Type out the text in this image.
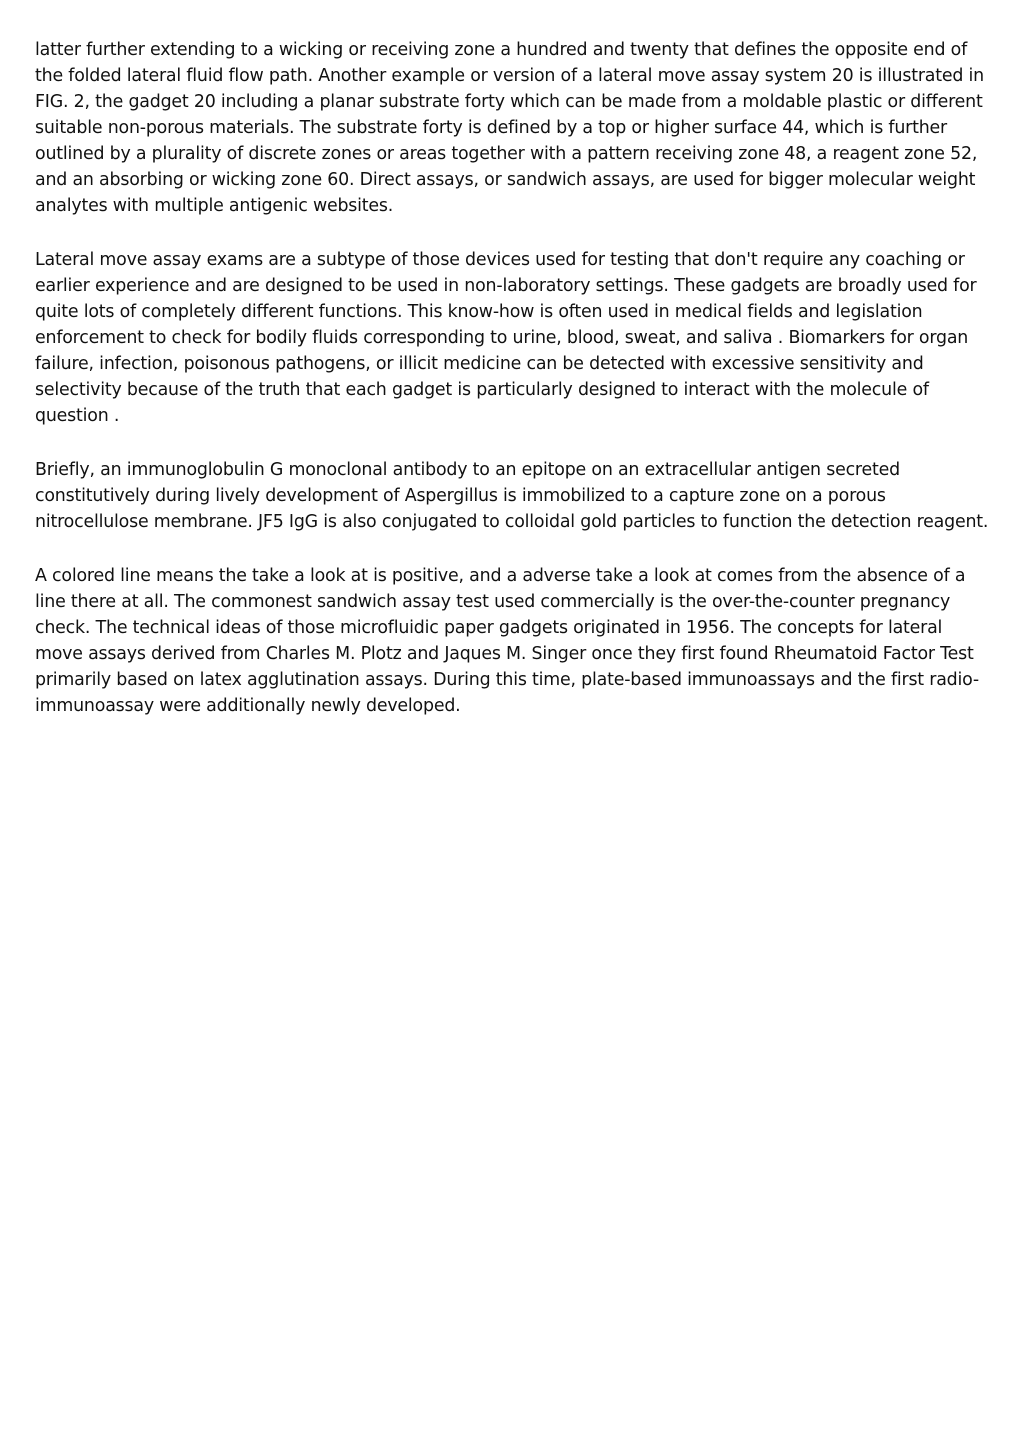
latter further extending to a wicking or receiving zone a hundred and twenty that defines the opposite end of the folded lateral fluid flow path. Another example or version of a lateral move assay system 20 is illustrated in FIG. 2, the gadget 20 including a planar substrate forty which can be made from a moldable plastic or different suitable non-porous materials. The substrate forty is defined by a top or higher surface 44, which is further outlined by a plurality of discrete zones or areas together with a pattern receiving zone 48, a reagent zone 52, and an absorbing or wicking zone 60. Direct assays, or sandwich assays, are used for bigger molecular weight analytes with multiple antigenic websites.

Lateral move assay exams are a subtype of those devices used for testing that don't require any coaching or earlier experience and are designed to be used in non-laboratory settings. These gadgets are broadly used for quite lots of completely different functions. This know-how is often used in medical fields and legislation enforcement to check for bodily fluids corresponding to urine, blood, sweat, and saliva . Biomarkers for organ failure, infection, poisonous pathogens, or illicit medicine can be detected with excessive sensitivity and selectivity because of the truth that each gadget is particularly designed to interact with the molecule of question .

Briefly, an immunoglobulin G monoclonal antibody to an epitope on an extracellular antigen secreted constitutively during lively development of Aspergillus is immobilized to a capture zone on a porous nitrocellulose membrane. JF5 IgG is also conjugated to colloidal gold particles to function the detection reagent.

A colored line means the take a look at is positive, and a adverse take a look at comes from the absence of a line there at all. The commonest sandwich assay test used commercially is the over-the-counter pregnancy check. The technical ideas of those microfluidic paper gadgets originated in 1956. The concepts for lateral move assays derived from Charles M. Plotz and Jaques M. Singer once they first found Rheumatoid Factor Test primarily based on latex agglutination assays. During this time, plate-based immunoassays and the first radio-immunoassay were additionally newly developed.
